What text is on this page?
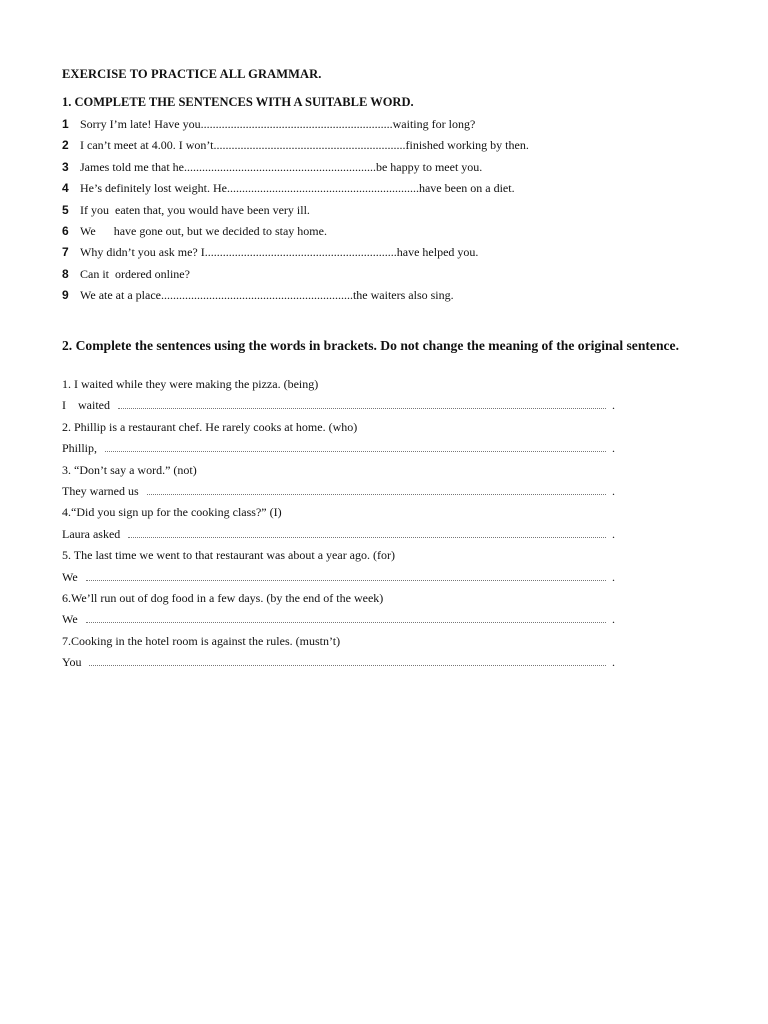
EXERCISE TO PRACTICE ALL GRAMMAR.
1. COMPLETE THE SENTENCES WITH A SUITABLE WORD.
1 Sorry I’m late! Have you................................................................waiting for long?
2 I can’t meet at 4.00. I won’t................................................................finished working by then.
3 James told me that he................................................................be happy to meet you.
4 He’s definitely lost weight. He................................................................have been on a diet.
5 If you  eaten that, you would have been very ill.
6 We      have gone out, but we decided to stay home.
7 Why didn’t you ask me? I................................................................have helped you.
8 Can it  ordered online?
9 We ate at a place................................................................the waiters also sing.
2. Complete the sentences using the words in brackets. Do not change the meaning of the original sentence.
1. I waited while they were making the pizza. (being)
I    waited	.
2. Phillip is a restaurant chef. He rarely cooks at home. (who)
Phillip,	.
3. “Don’t say a word.” (not)
They warned us	.
4.“Did you sign up for the cooking class?” (I)
Laura asked	.
5. The last time we went to that restaurant was about a year ago. (for)
We	.
6.We’ll run out of dog food in a few days. (by the end of the week)
We	.
7.Cooking in the hotel room is against the rules. (mustn’t)
You	.
